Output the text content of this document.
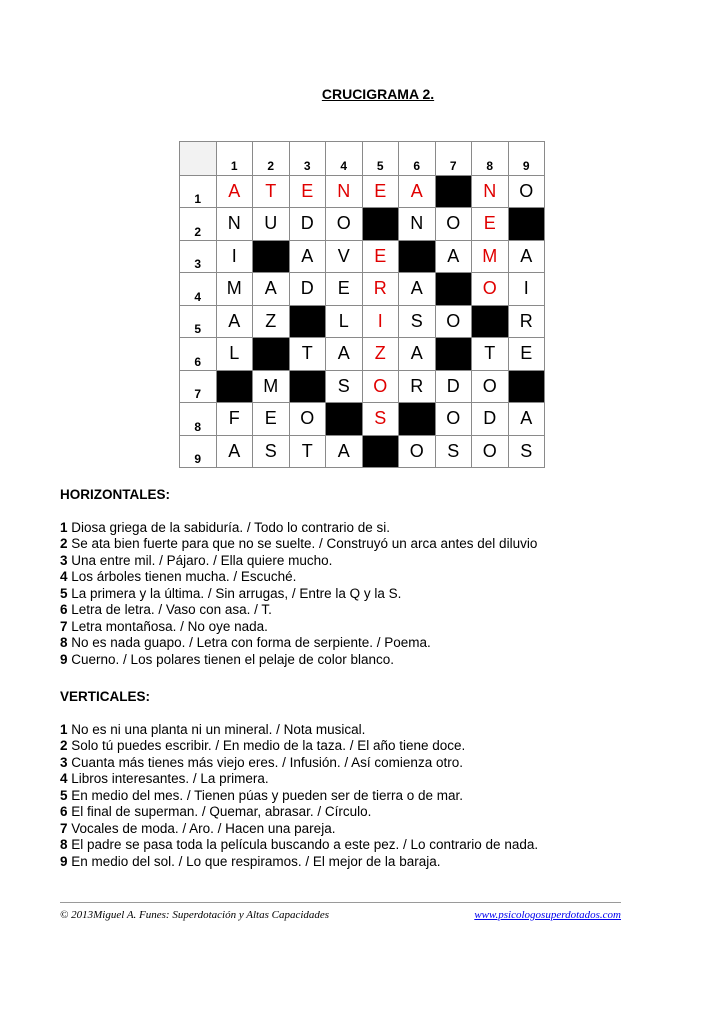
CRUCIGRAMA 2.
	1	2	3	4	5	6	7	8	9
1	A	T	E	N	E	A		N	O
2	N	U	D	O		N	O	E	
3	I		A	V	E		A	M	A
4	M	A	D	E	R	A		O	I
5	A	Z		L	I	S	O		R
6	L		T	A	Z	A		T	E
7		M		S	O	R	D	O	
8	F	E	O		S		O	D	A
9	A	S	T	A		O	S	O	S
HORIZONTALES:

1 Diosa griega de la sabiduría. / Todo lo contrario de si.

2 Se ata bien fuerte para que no se suelte. / Construyó un arca antes del diluvio

3 Una entre mil. / Pájaro. / Ella quiere mucho.

4 Los árboles tienen mucha. / Escuché.

5 La primera y la última. / Sin arrugas, / Entre la Q y la S.

6 Letra de letra. / Vaso con asa. / T.

7 Letra montañosa. / No oye nada.

8 No es nada guapo. / Letra con forma de serpiente. / Poema.

9 Cuerno. / Los polares tienen el pelaje de color blanco.

VERTICALES:

1 No es ni una planta ni un mineral. / Nota musical.

2 Solo tú puedes escribir. / En medio de la taza. / El año tiene doce.

3 Cuanta más tienes más viejo eres. / Infusión. / Así comienza otro.

4 Libros interesantes. / La primera.

5 En medio del mes. / Tienen púas y pueden ser de tierra o de mar.

6 El final de superman. / Quemar, abrasar. / Círculo.

7 Vocales de moda. / Aro. / Hacen una pareja.

8 El padre se pasa toda la película buscando a este pez. / Lo contrario de nada.

9 En medio del sol. / Lo que respiramos. / El mejor de la baraja.

© 2013Miguel A. Funes: Superdotación y Altas Capacidades	www.psicologosuperdotados.com
